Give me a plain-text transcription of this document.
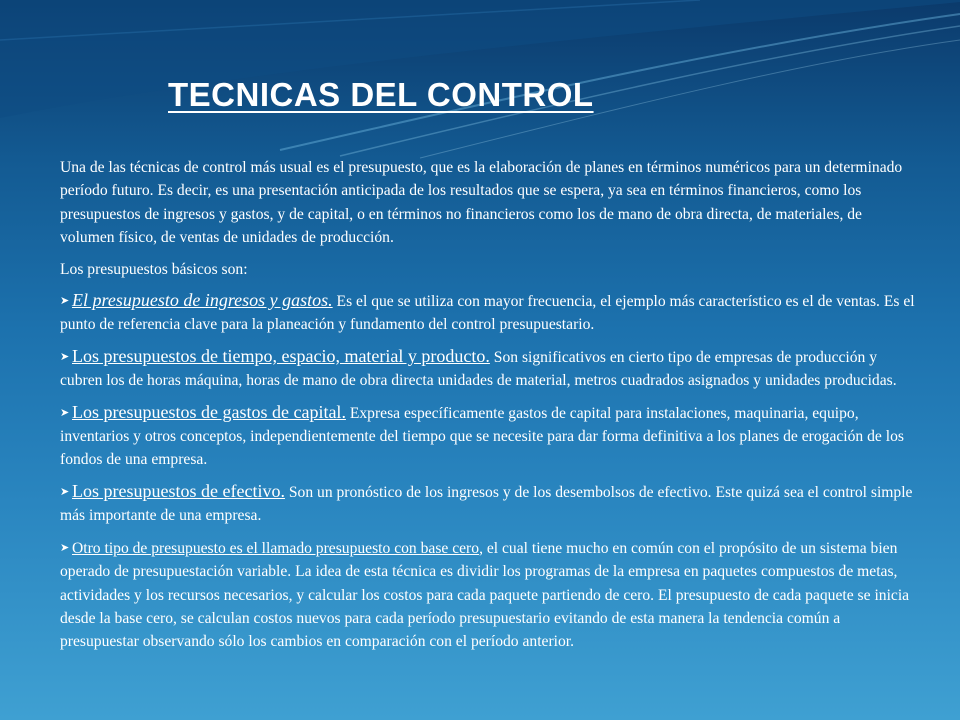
TECNICAS DEL CONTROL

Una de las técnicas de control más usual es el presupuesto, que es la elaboración de planes en términos numéricos para un determinado período futuro. Es decir, es una presentación anticipada de los resultados que se espera, ya sea en términos financieros, como los presupuestos de ingresos y gastos, y de capital, o en términos no financieros como los de mano de obra directa, de materiales, de volumen físico, de ventas de unidades de producción.

Los presupuestos básicos son:

➤ El presupuesto de ingresos y gastos. Es el que se utiliza con mayor frecuencia, el ejemplo más característico es el de ventas. Es el punto de referencia clave para la planeación y fundamento del control presupuestario.

➤ Los presupuestos de tiempo, espacio, material y producto. Son significativos en cierto tipo de empresas de producción y cubren los de horas máquina, horas de mano de obra directa unidades de material, metros cuadrados asignados y unidades producidas.

➤ Los presupuestos de gastos de capital. Expresa específicamente gastos de capital para instalaciones, maquinaria, equipo, inventarios y otros conceptos, independientemente del tiempo que se necesite para dar forma definitiva a los planes de erogación de los fondos de una empresa.

➤ Los presupuestos de efectivo. Son un pronóstico de los ingresos y de los desembolsos de efectivo. Este quizá sea el control simple más importante de una empresa.

➤ Otro tipo de presupuesto es el llamado presupuesto con base cero, el cual tiene mucho en común con el propósito de un sistema bien operado de presupuestación variable. La idea de esta técnica es dividir los programas de la empresa en paquetes compuestos de metas, actividades y los recursos necesarios, y calcular los costos para cada paquete partiendo de cero. El presupuesto de cada paquete se inicia desde la base cero, se calculan costos nuevos para cada período presupuestario evitando de esta manera la tendencia común a presupuestar observando sólo los cambios en comparación con el período anterior.
